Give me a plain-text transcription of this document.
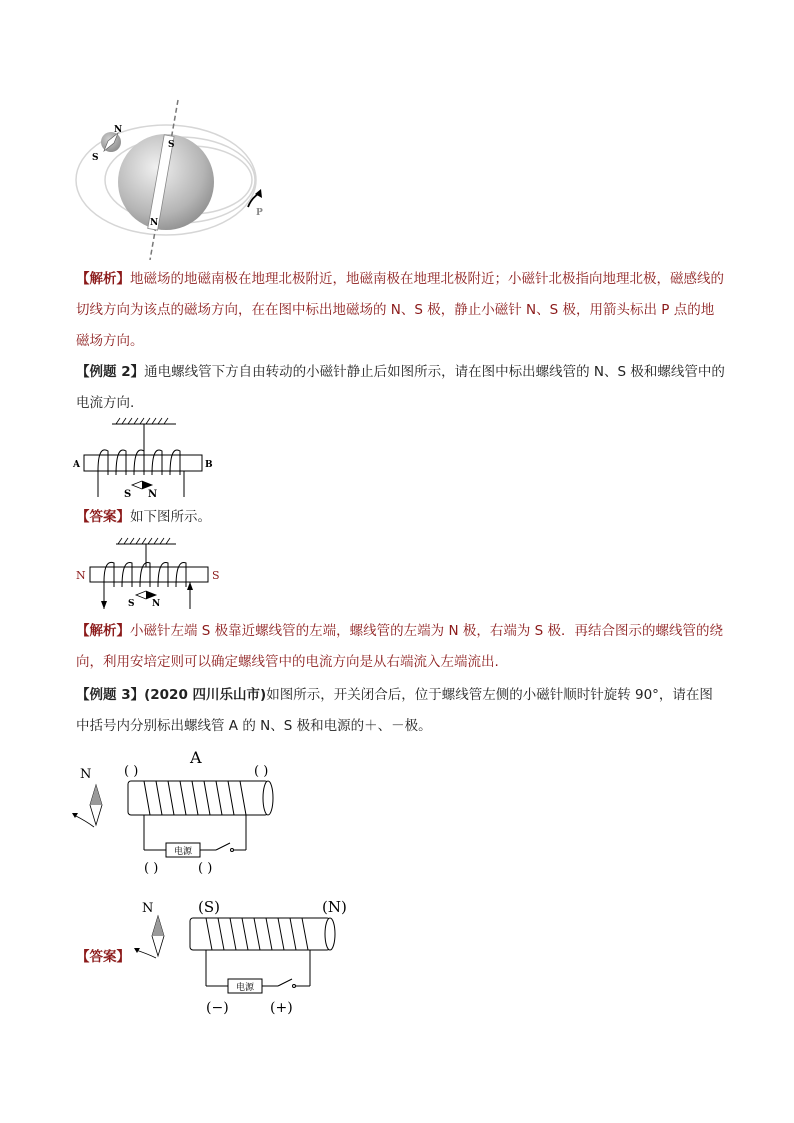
N
S
S
N
P
【解析】地磁场的地磁南极在地理北极附近，地磁南极在地理北极附近；小磁针北极指向地理北极，磁感线的切线方向为该点的磁场方向，在在图中标出地磁场的 N、S 极，静止小磁针 N、S 极，用箭头标出 P 点的地磁场方向。
【例题 2】通电螺线管下方自由转动的小磁针静止后如图所示，请在图中标出螺线管的 N、S 极和螺线管中的电流方向.
A	B
S N
【答案】如下图所示。
N	S
S N
【解析】小磁针左端 S 极靠近螺线管的左端，螺线管的左端为 N 极，右端为 S 极．再结合图示的螺线管的绕向，利用安培定则可以确定螺线管中的电流方向是从右端流入左端流出.
【例题 3】(2020 四川乐山市)如图所示，开关闭合后，位于螺线管左侧的小磁针顺时针旋转 90°，请在图中括号内分别标出螺线管 A 的 N、S 极和电源的＋、－极。
N
A
( )	( )
电源
( )	( )
【答案】
N	(S)	(N)
电源
(−)	(+)
